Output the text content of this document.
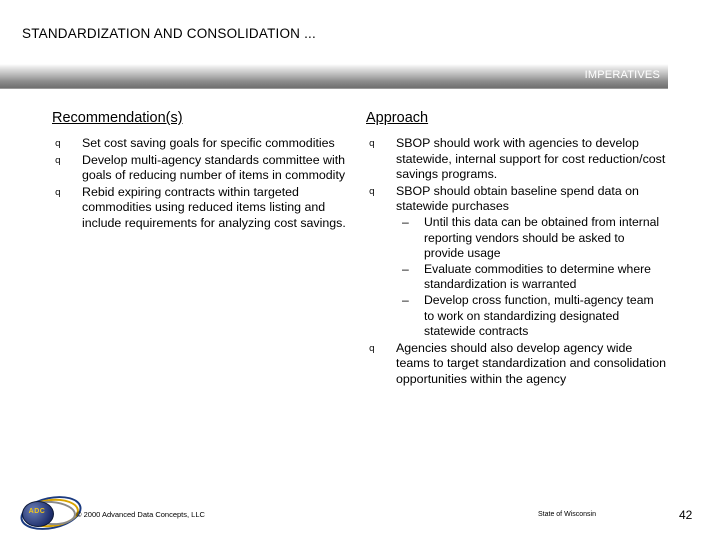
STANDARDIZATION AND CONSOLIDATION ...
IMPERATIVES
Recommendation(s)
q Set cost saving goals for specific commodities
q Develop multi-agency standards committee with goals of reducing number of items in commodity
q Rebid expiring contracts within targeted commodities using reduced items listing and include requirements for analyzing cost savings.
Approach
q SBOP should work with agencies to develop statewide, internal support for cost reduction/cost savings programs.
q SBOP should obtain baseline spend data on statewide purchases
– Until this data can be obtained from internal reporting vendors should be asked to provide usage
– Evaluate commodities to determine where standardization is warranted
– Develop cross function, multi-agency team to work on standardizing designated statewide contracts
q Agencies should also develop agency wide teams to target standardization and consolidation opportunities within the agency
ADC	© 2000 Advanced Data Concepts, LLC	State of Wisconsin	42
